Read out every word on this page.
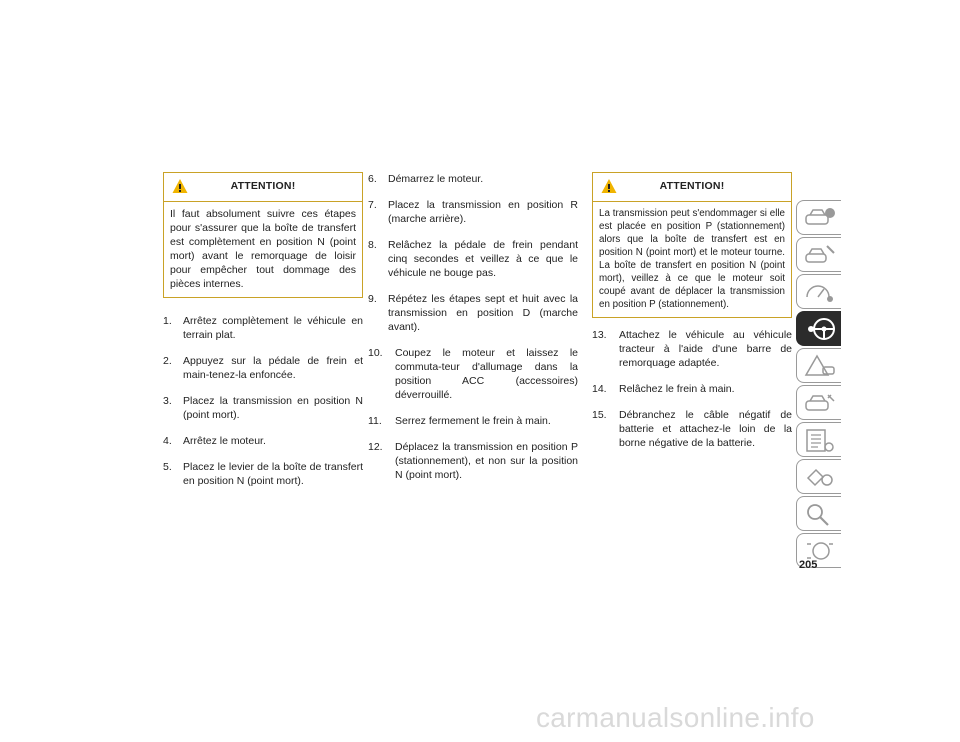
ATTENTION!
Il faut absolument suivre ces étapes pour s'assurer que la boîte de transfert est complètement en position N (point mort) avant le remorquage de loisir pour empêcher tout dommage des pièces internes.
1. Arrêtez complètement le véhicule en terrain plat.
2. Appuyez sur la pédale de frein et main-tenez-la enfoncée.
3. Placez la transmission en position N (point mort).
4. Arrêtez le moteur.
5. Placez le levier de la boîte de transfert en position N (point mort).
6. Démarrez le moteur.
7. Placez la transmission en position R (marche arrière).
8. Relâchez la pédale de frein pendant cinq secondes et veillez à ce que le véhicule ne bouge pas.
9. Répétez les étapes sept et huit avec la transmission en position D (marche avant).
10. Coupez le moteur et laissez le commuta-teur d'allumage dans la position ACC (accessoires) déverrouillé.
11. Serrez fermement le frein à main.
12. Déplacez la transmission en position P (stationnement), et non sur la position N (point mort).
ATTENTION!
La transmission peut s'endommager si elle est placée en position P (stationnement) alors que la boîte de transfert est en position N (point mort) et le moteur tourne. La boîte de transfert en position N (point mort), veillez à ce que le moteur soit coupé avant de déplacer la transmission en position P (stationnement).
13. Attachez le véhicule au véhicule tracteur à l'aide d'une barre de remorquage adaptée.
14. Relâchez le frein à main.
15. Débranchez le câble négatif de batterie et attachez-le loin de la borne négative de la batterie.
205
carmanualsonline.info
